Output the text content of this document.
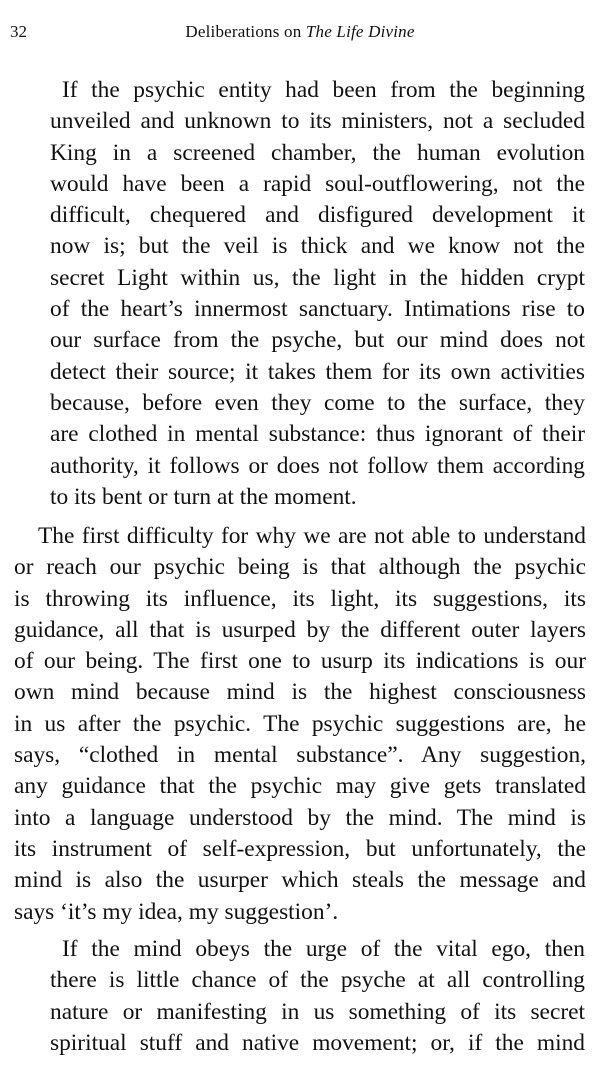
32	Deliberations on The Life Divine
If the psychic entity had been from the beginning
unveiled and unknown to its ministers, not a secluded
King in a screened chamber, the human evolution
would have been a rapid soul-outflowering, not the
difficult, chequered and disfigured development it
now is; but the veil is thick and we know not the
secret Light within us, the light in the hidden crypt
of the heart’s innermost sanctuary. Intimations rise to
our surface from the psyche, but our mind does not
detect their source; it takes them for its own activities
because, before even they come to the surface, they
are clothed in mental substance: thus ignorant of their
authority, it follows or does not follow them according
to its bent or turn at the moment.
The first difficulty for why we are not able to understand
or reach our psychic being is that although the psychic
is throwing its influence, its light, its suggestions, its
guidance, all that is usurped by the different outer layers
of our being. The first one to usurp its indications is our
own mind because mind is the highest consciousness
in us after the psychic. The psychic suggestions are, he
says, “clothed in mental substance”. Any suggestion,
any guidance that the psychic may give gets translated
into a language understood by the mind. The mind is
its instrument of self-expression, but unfortunately, the
mind is also the usurper which steals the message and
says ‘it’s my idea, my suggestion’.
If the mind obeys the urge of the vital ego, then
there is little chance of the psyche at all controlling
nature or manifesting in us something of its secret
spiritual stuff and native movement; or, if the mind
